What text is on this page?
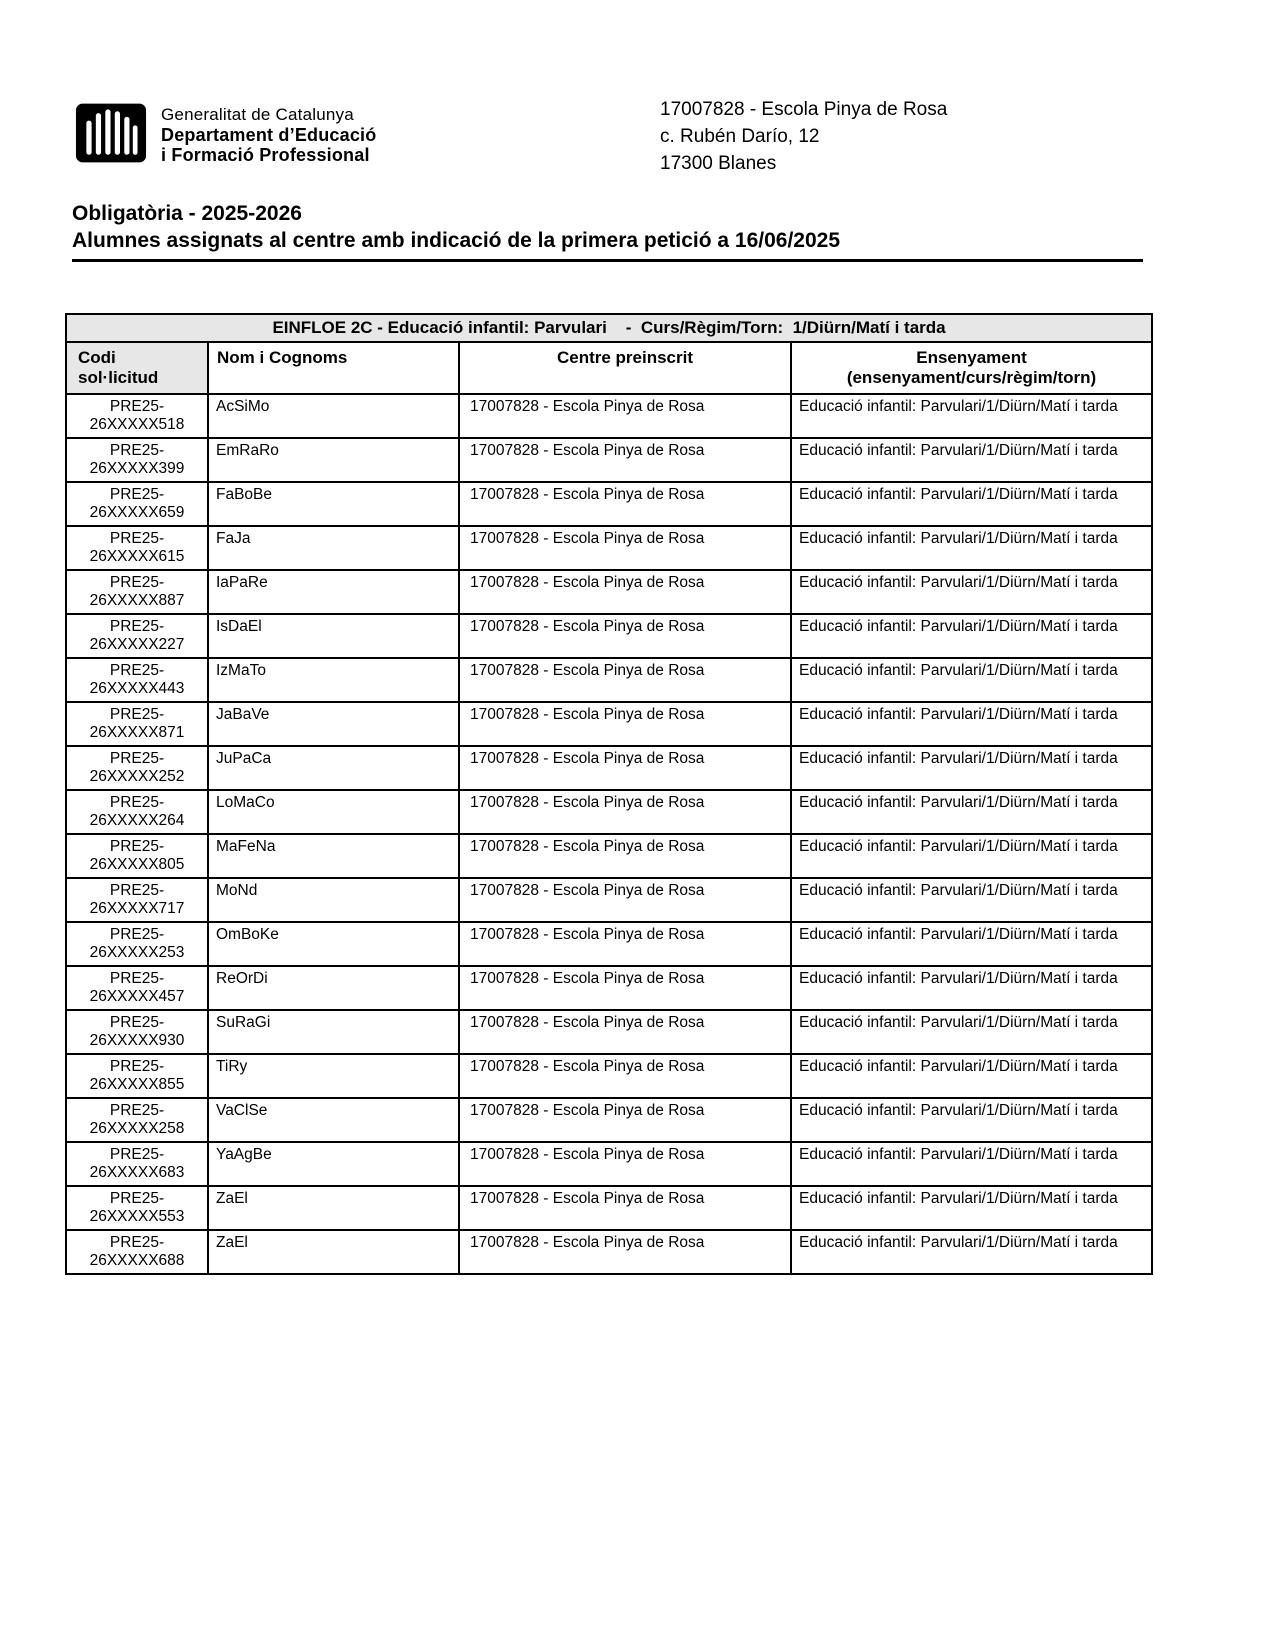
Generalitat de Catalunya
Departament d’Educació
i Formació Professional
17007828 - Escola Pinya de Rosa
c. Rubén Darío, 12
17300 Blanes
Obligatòria - 2025-2026
Alumnes assignats al centre amb indicació de la primera petició a 16/06/2025
EINFLOE 2C - Educació infantil: Parvulari    -  Curs/Règim/Torn:  1/Diürn/Matí i tarda			

Codi
sol·licitud
	Nom i Cognoms	Centre preinscrit	Ensenyament
(ensenyament/curs/règim/torn)

PRE25-
26XXXXX518	AcSiMo	17007828 - Escola Pinya de Rosa	Educació infantil: Parvulari/1/Diürn/Matí i tarda

PRE25-
26XXXXX399	EmRaRo	17007828 - Escola Pinya de Rosa	Educació infantil: Parvulari/1/Diürn/Matí i tarda

PRE25-
26XXXXX659	FaBoBe	17007828 - Escola Pinya de Rosa	Educació infantil: Parvulari/1/Diürn/Matí i tarda

PRE25-
26XXXXX615	FaJa	17007828 - Escola Pinya de Rosa	Educació infantil: Parvulari/1/Diürn/Matí i tarda

PRE25-
26XXXXX887	IaPaRe	17007828 - Escola Pinya de Rosa	Educació infantil: Parvulari/1/Diürn/Matí i tarda

PRE25-
26XXXXX227	IsDaEl	17007828 - Escola Pinya de Rosa	Educació infantil: Parvulari/1/Diürn/Matí i tarda

PRE25-
26XXXXX443	IzMaTo	17007828 - Escola Pinya de Rosa	Educació infantil: Parvulari/1/Diürn/Matí i tarda

PRE25-
26XXXXX871	JaBaVe	17007828 - Escola Pinya de Rosa	Educació infantil: Parvulari/1/Diürn/Matí i tarda

PRE25-
26XXXXX252	JuPaCa	17007828 - Escola Pinya de Rosa	Educació infantil: Parvulari/1/Diürn/Matí i tarda

PRE25-
26XXXXX264	LoMaCo	17007828 - Escola Pinya de Rosa	Educació infantil: Parvulari/1/Diürn/Matí i tarda

PRE25-
26XXXXX805	MaFeNa	17007828 - Escola Pinya de Rosa	Educació infantil: Parvulari/1/Diürn/Matí i tarda

PRE25-
26XXXXX717	MoNd	17007828 - Escola Pinya de Rosa	Educació infantil: Parvulari/1/Diürn/Matí i tarda

PRE25-
26XXXXX253	OmBoKe	17007828 - Escola Pinya de Rosa	Educació infantil: Parvulari/1/Diürn/Matí i tarda

PRE25-
26XXXXX457	ReOrDi	17007828 - Escola Pinya de Rosa	Educació infantil: Parvulari/1/Diürn/Matí i tarda

PRE25-
26XXXXX930	SuRaGi	17007828 - Escola Pinya de Rosa	Educació infantil: Parvulari/1/Diürn/Matí i tarda

PRE25-
26XXXXX855	TiRy	17007828 - Escola Pinya de Rosa	Educació infantil: Parvulari/1/Diürn/Matí i tarda

PRE25-
26XXXXX258	VaClSe	17007828 - Escola Pinya de Rosa	Educació infantil: Parvulari/1/Diürn/Matí i tarda

PRE25-
26XXXXX683	YaAgBe	17007828 - Escola Pinya de Rosa	Educació infantil: Parvulari/1/Diürn/Matí i tarda

PRE25-
26XXXXX553	ZaEl	17007828 - Escola Pinya de Rosa	Educació infantil: Parvulari/1/Diürn/Matí i tarda

PRE25-
26XXXXX688	ZaEl	17007828 - Escola Pinya de Rosa	Educació infantil: Parvulari/1/Diürn/Matí i tarda
